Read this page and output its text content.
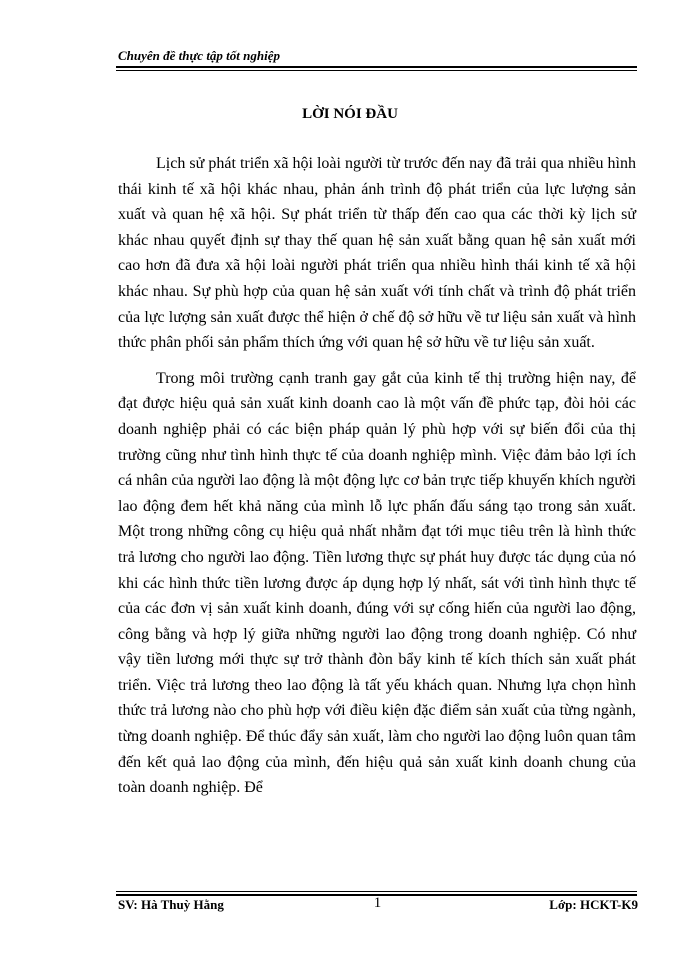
Chuyên đề thực tập tốt nghiệp
LỜI NÓI ĐẦU

Lịch sử phát triển xã hội loài người từ trước đến nay đã trải qua nhiều hình thái kinh tế xã hội khác nhau, phản ánh trình độ phát triển của lực lượng sản xuất và quan hệ xã hội. Sự phát triển từ thấp đến cao qua các thời kỳ lịch sử khác nhau quyết định sự thay thế quan hệ sản xuất bằng quan hệ sản xuất mới cao hơn đã đưa xã hội loài người phát triển qua nhiều hình thái kinh tế xã hội khác nhau. Sự phù hợp của quan hệ sản xuất với tính chất và trình độ phát triển của lực lượng sản xuất được thể hiện ở chế độ sở hữu về tư liệu sản xuất và hình thức phân phối sản phẩm thích ứng với quan hệ sở hữu về tư liệu sản xuất.

Trong môi trường cạnh tranh gay gắt của kinh tế thị trường hiện nay, để đạt được hiệu quả sản xuất kinh doanh cao là một vấn đề phức tạp, đòi hỏi các doanh nghiệp phải có các biện pháp quản lý phù hợp với sự biến đổi của thị trường cũng như tình hình thực tế của doanh nghiệp mình. Việc đảm bảo lợi ích cá nhân của người lao động là một động lực cơ bản trực tiếp khuyến khích người lao động đem hết khả năng của mình lỗ lực phấn đấu sáng tạo trong sản xuất. Một trong những công cụ hiệu quả nhất nhằm đạt tới mục tiêu trên là hình thức trả lương cho người lao động. Tiền lương thực sự phát huy được tác dụng của nó khi các hình thức tiền lương được áp dụng hợp lý nhất, sát với tình hình thực tế của các đơn vị sản xuất kinh doanh, đúng với sự cống hiến của người lao động, công bằng và hợp lý giữa những người lao động trong doanh nghiệp. Có như vậy tiền lương mới thực sự trở thành đòn bẩy kinh tế kích thích sản xuất phát triển. Việc trả lương theo lao động là tất yếu khách quan. Nhưng lựa chọn hình thức trả lương nào cho phù hợp với điều kiện đặc điểm sản xuất của từng ngành, từng doanh nghiệp. Để thúc đẩy sản xuất, làm cho người lao động luôn quan tâm đến kết quả lao động của mình, đến hiệu quả sản xuất kinh doanh chung của toàn doanh nghiệp. Để

SV: Hà Thuỳ Hằng	1	Lớp: HCKT-K9
